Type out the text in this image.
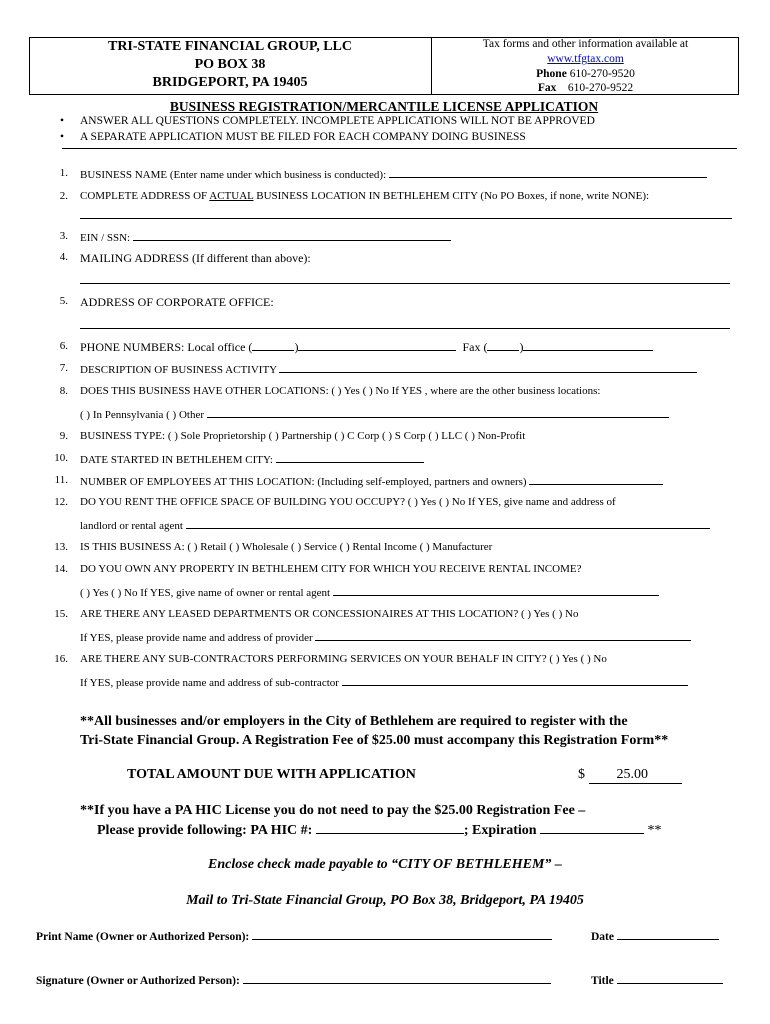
TRI-STATE FINANCIAL GROUP, LLC
PO BOX 38
BRIDGEPORT, PA 19405
Tax forms and other information available at
www.tfgtax.com
Phone 610-270-9520
Fax 610-270-9522
BUSINESS REGISTRATION/MERCANTILE LICENSE APPLICATION
• ANSWER ALL QUESTIONS COMPLETELY. INCOMPLETE APPLICATIONS WILL NOT BE APPROVED
• A SEPARATE APPLICATION MUST BE FILED FOR EACH COMPANY DOING BUSINESS
1. BUSINESS NAME (Enter name under which business is conducted):
2. COMPLETE ADDRESS OF ACTUAL BUSINESS LOCATION IN BETHLEHEM CITY (No PO Boxes, if none, write NONE):
3. EIN / SSN:
4. MAILING ADDRESS (If different than above):
5. ADDRESS OF CORPORATE OFFICE:
6. PHONE NUMBERS: Local office (	)	Fax (	)
7. DESCRIPTION OF BUSINESS ACTIVITY
8. DOES THIS BUSINESS HAVE OTHER LOCATIONS: ( ) Yes ( ) No If YES , where are the other business locations:
( ) In Pennsylvania ( ) Other
9. BUSINESS TYPE: ( ) Sole Proprietorship ( ) Partnership ( ) C Corp ( ) S Corp ( ) LLC ( ) Non-Profit
10. DATE STARTED IN BETHLEHEM CITY:
11. NUMBER OF EMPLOYEES AT THIS LOCATION: (Including self-employed, partners and owners)
12. DO YOU RENT THE OFFICE SPACE OF BUILDING YOU OCCUPY? ( ) Yes ( ) No If YES, give name and address of
landlord or rental agent
13. IS THIS BUSINESS A: ( ) Retail ( ) Wholesale ( ) Service ( ) Rental Income ( ) Manufacturer
14. DO YOU OWN ANY PROPERTY IN BETHLEHEM CITY FOR WHICH YOU RECEIVE RENTAL INCOME?
( ) Yes ( ) No If YES, give name of owner or rental agent
15. ARE THERE ANY LEASED DEPARTMENTS OR CONCESSIONAIRES AT THIS LOCATION? ( ) Yes ( ) No
If YES, please provide name and address of provider
16. ARE THERE ANY SUB-CONTRACTORS PERFORMING SERVICES ON YOUR BEHALF IN CITY? ( ) Yes ( ) No
If YES, please provide name and address of sub-contractor
**All businesses and/or employers in the City of Bethlehem are required to register with the
Tri-State Financial Group. A Registration Fee of $25.00 must accompany this Registration Form**
TOTAL AMOUNT DUE WITH APPLICATION	$ 25.00
**If you have a PA HIC License you do not need to pay the $25.00 Registration Fee –
Please provide following: PA HIC #:	; Expiration	**
Enclose check made payable to “CITY OF BETHLEHEM” –
Mail to Tri-State Financial Group, PO Box 38, Bridgeport, PA 19405
Print Name (Owner or Authorized Person):	Date
Signature (Owner or Authorized Person):	Title
